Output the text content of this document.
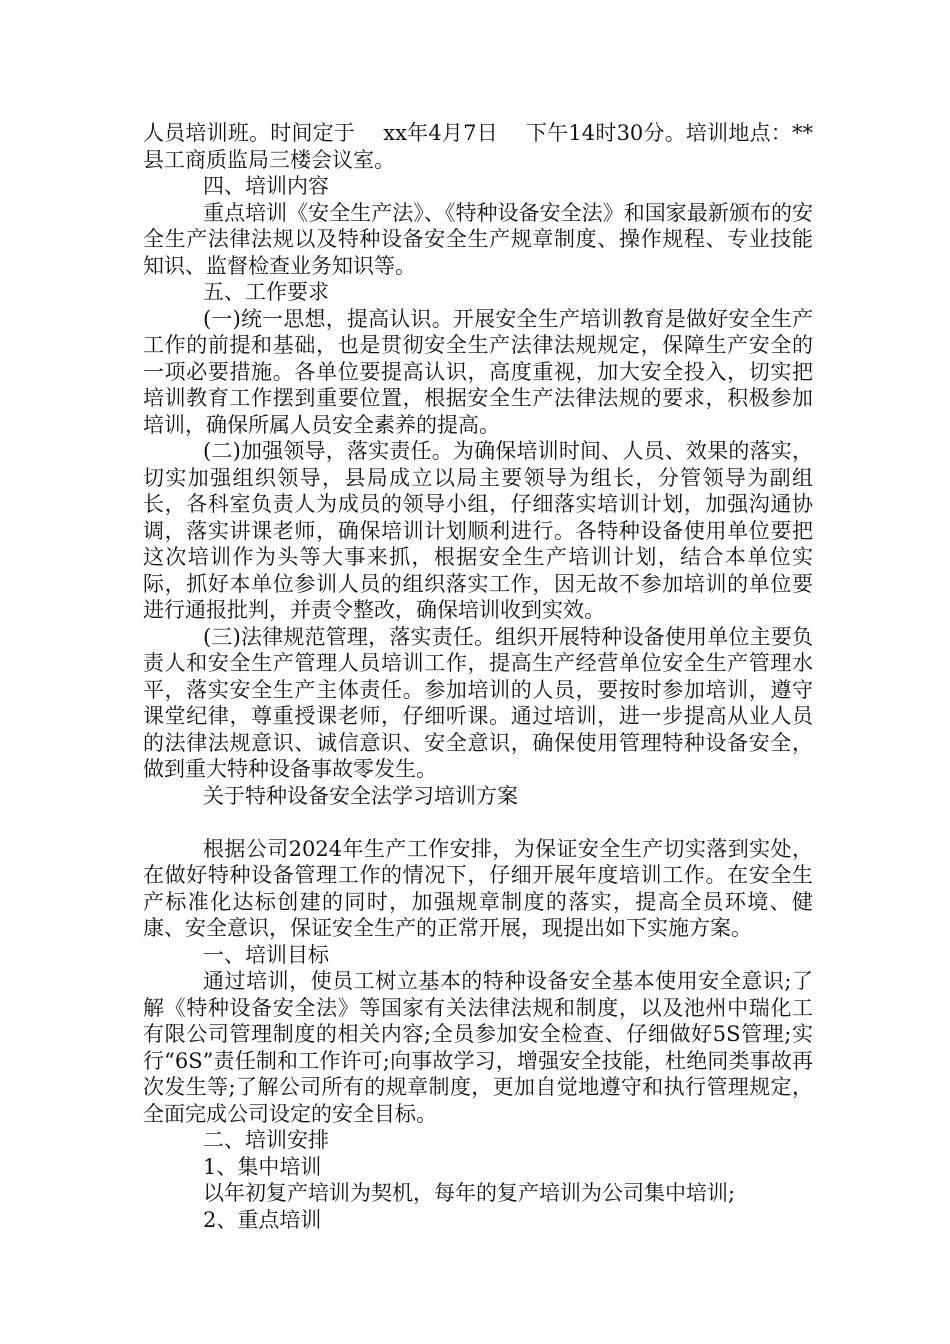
人员培训班。时间定于　 xx年4月7日　 下午14时30分。培训地点：**县工商质监局三楼会议室。

四、培训内容

重点培训《安全生产法》、《特种设备安全法》和国家最新颁布的安全生产法律法规以及特种设备安全生产规章制度、操作规程、专业技能知识、监督检查业务知识等。

五、工作要求

(一)统一思想，提高认识。开展安全生产培训教育是做好安全生产工作的前提和基础，也是贯彻安全生产法律法规规定，保障生产安全的一项必要措施。各单位要提高认识，高度重视，加大安全投入，切实把培训教育工作摆到重要位置，根据安全生产法律法规的要求，积极参加培训，确保所属人员安全素养的提高。

(二)加强领导，落实责任。为确保培训时间、人员、效果的落实，切实加强组织领导，县局成立以局主要领导为组长，分管领导为副组长，各科室负责人为成员的领导小组，仔细落实培训计划，加强沟通协调，落实讲课老师，确保培训计划顺利进行。各特种设备使用单位要把这次培训作为头等大事来抓，根据安全生产培训计划，结合本单位实际，抓好本单位参训人员的组织落实工作，因无故不参加培训的单位要进行通报批判，并责令整改，确保培训收到实效。

(三)法律规范管理，落实责任。组织开展特种设备使用单位主要负责人和安全生产管理人员培训工作，提高生产经营单位安全生产管理水平，落实安全生产主体责任。参加培训的人员，要按时参加培训，遵守课堂纪律，尊重授课老师，仔细听课。通过培训，进一步提高从业人员的法律法规意识、诚信意识、安全意识，确保使用管理特种设备安全，做到重大特种设备事故零发生。

关于特种设备安全法学习培训方案

根据公司2024年生产工作安排，为保证安全生产切实落到实处，在做好特种设备管理工作的情况下，仔细开展年度培训工作。在安全生产标准化达标创建的同时，加强规章制度的落实，提高全员环境、健康、安全意识，保证安全生产的正常开展，现提出如下实施方案。

一、培训目标

通过培训，使员工树立基本的特种设备安全基本使用安全意识;了解《特种设备安全法》等国家有关法律法规和制度，以及池州中瑞化工有限公司管理制度的相关内容;全员参加安全检查、仔细做好5S管理;实行“6S”责任制和工作许可;向事故学习，增强安全技能，杜绝同类事故再次发生等;了解公司所有的规章制度，更加自觉地遵守和执行管理规定，全面完成公司设定的安全目标。

二、培训安排

1、集中培训

以年初复产培训为契机，每年的复产培训为公司集中培训;

2、重点培训
